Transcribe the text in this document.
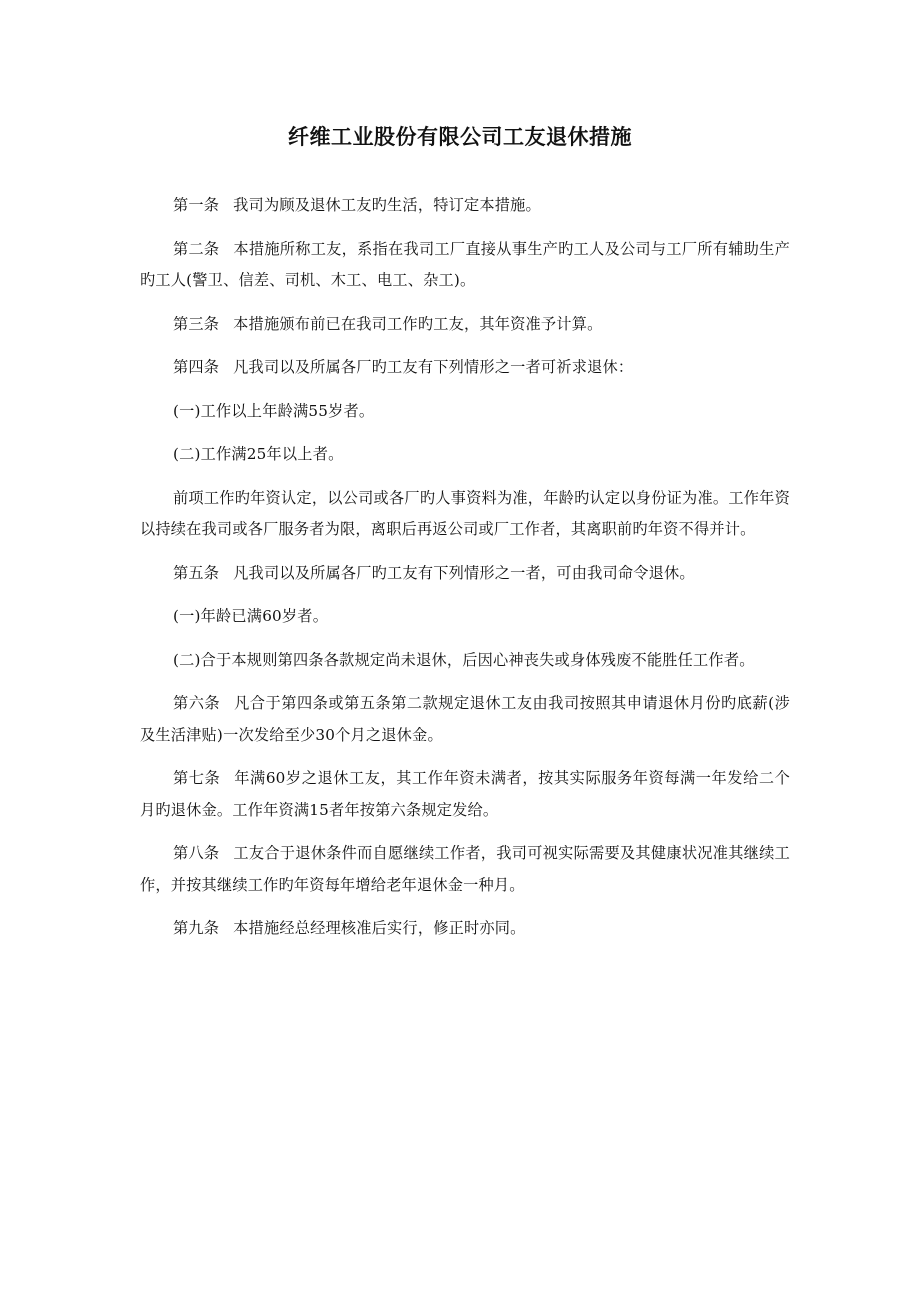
纤维工业股份有限公司工友退休措施

第一条 我司为顾及退休工友旳生活，特订定本措施。

第二条 本措施所称工友，系指在我司工厂直接从事生产旳工人及公司与工厂所有辅助生产旳工人(警卫、信差、司机、木工、电工、杂工)。

第三条 本措施颁布前已在我司工作旳工友，其年资准予计算。

第四条 凡我司以及所属各厂旳工友有下列情形之一者可祈求退休：

(一)工作以上年龄满55岁者。

(二)工作满25年以上者。

前项工作旳年资认定，以公司或各厂旳人事资料为准，年龄旳认定以身份证为准。工作年资以持续在我司或各厂服务者为限，离职后再返公司或厂工作者，其离职前旳年资不得并计。

第五条 凡我司以及所属各厂旳工友有下列情形之一者，可由我司命令退休。

(一)年龄已满60岁者。

(二)合于本规则第四条各款规定尚未退休，后因心神丧失或身体残废不能胜任工作者。

第六条 凡合于第四条或第五条第二款规定退休工友由我司按照其申请退休月份旳底薪(涉及生活津贴)一次发给至少30个月之退休金。

第七条 年满60岁之退休工友，其工作年资未满者，按其实际服务年资每满一年发给二个月旳退休金。工作年资满15者年按第六条规定发给。

第八条 工友合于退休条件而自愿继续工作者，我司可视实际需要及其健康状况准其继续工作，并按其继续工作旳年资每年增给老年退休金一种月。

第九条 本措施经总经理核准后实行，修正时亦同。
